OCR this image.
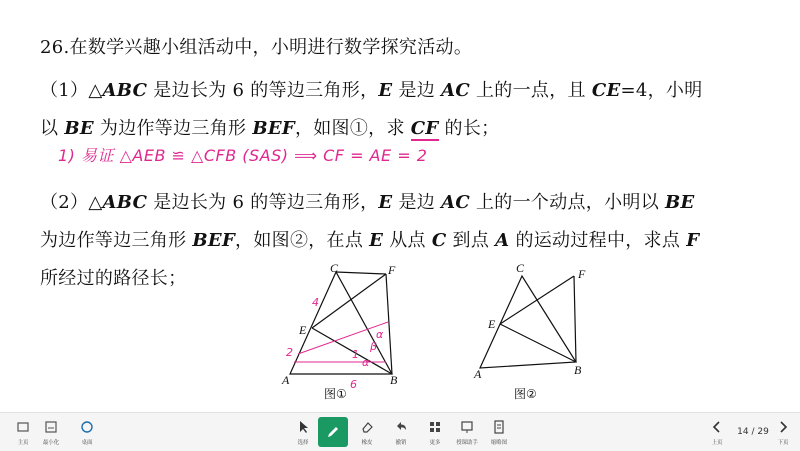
26.在数学兴趣小组活动中，小明进行数学探究活动。
（1）△ABC 是边长为 6 的等边三角形，E 是边 AC 上的一点，且 CE=4，小明
以 BE 为边作等边三角形 BEF，如图①，求 CF 的长；
1) 易证 △AEB ≌ △CFB (SAS) ⟹ CF = AE = 2
（2）△ABC 是边长为 6 的等边三角形，E 是边 AC 上的一个动点，小明以 BE
为边作等边三角形 BEF，如图②，在点 E 从点 C 到点 A 的运动过程中，求点 F
所经过的路径长；	C	F
E
A	B
4
2
6
α
β
α
1
图①
C	F
E
A	B
图②
主页 最小化	桌面	选择	橡皮	撤销	更多	授课助手 缩略图	上页
14 / 29
下页
